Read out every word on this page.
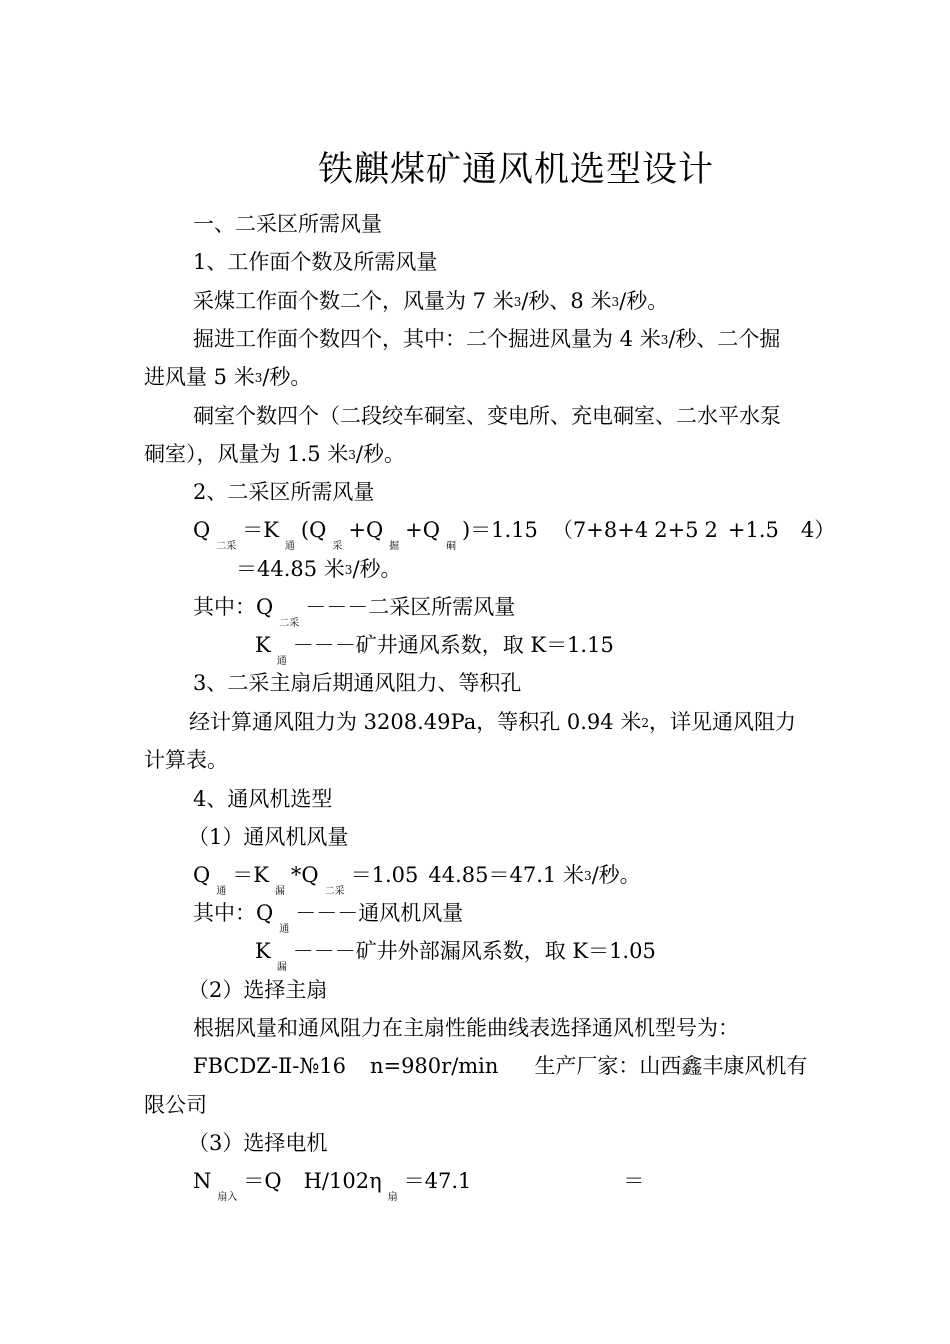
铁麒煤矿通风机选型设计
一、二采区所需风量
1、工作面个数及所需风量
采煤工作面个数二个，风量为 7 米3/秒、8 米3/秒。
掘进工作面个数四个，其中：二个掘进风量为 4 米3/秒、二个掘
进风量 5 米3/秒。
硐室个数四个（二段绞车硐室、变电所、充电硐室、二水平水泵
硐室），风量为 1.5 米3/秒。
2、二采区所需风量
$Q_{二采}=K_通(Q_采+Q_掘+Q_硐)=1.15$ （7+8+4 2+5 2 +1.5 4）
＝44.85 米3/秒。
其中：$Q_{二采}---$二采区所需风量
$K_通---$矿井通风系数，取 K＝1.15
3、二采主扇后期通风阻力、等积孔
经计算通风阻力为 3208.49Pa，等积孔 0.94 米2，详见通风阻力
计算表。
4、通风机选型
（1）通风机风量
$Q_通=K_漏*Q_{二采}=1.05$ 44.85＝47.1 米3/秒。
其中：$Q_通---$通风机风量
$K_漏---$矿井外部漏风系数，取 K＝1.05
（2）选择主扇
根据风量和通风阻力在主扇性能曲线表选择通风机型号为：
FBCDZ-Ⅱ-№16 n=980r/min 生产厂家：山西鑫丰康风机有
限公司
（3）选择电机
$N_{扇入}=Q$ $H/102\eta_扇=47.1$	＝
